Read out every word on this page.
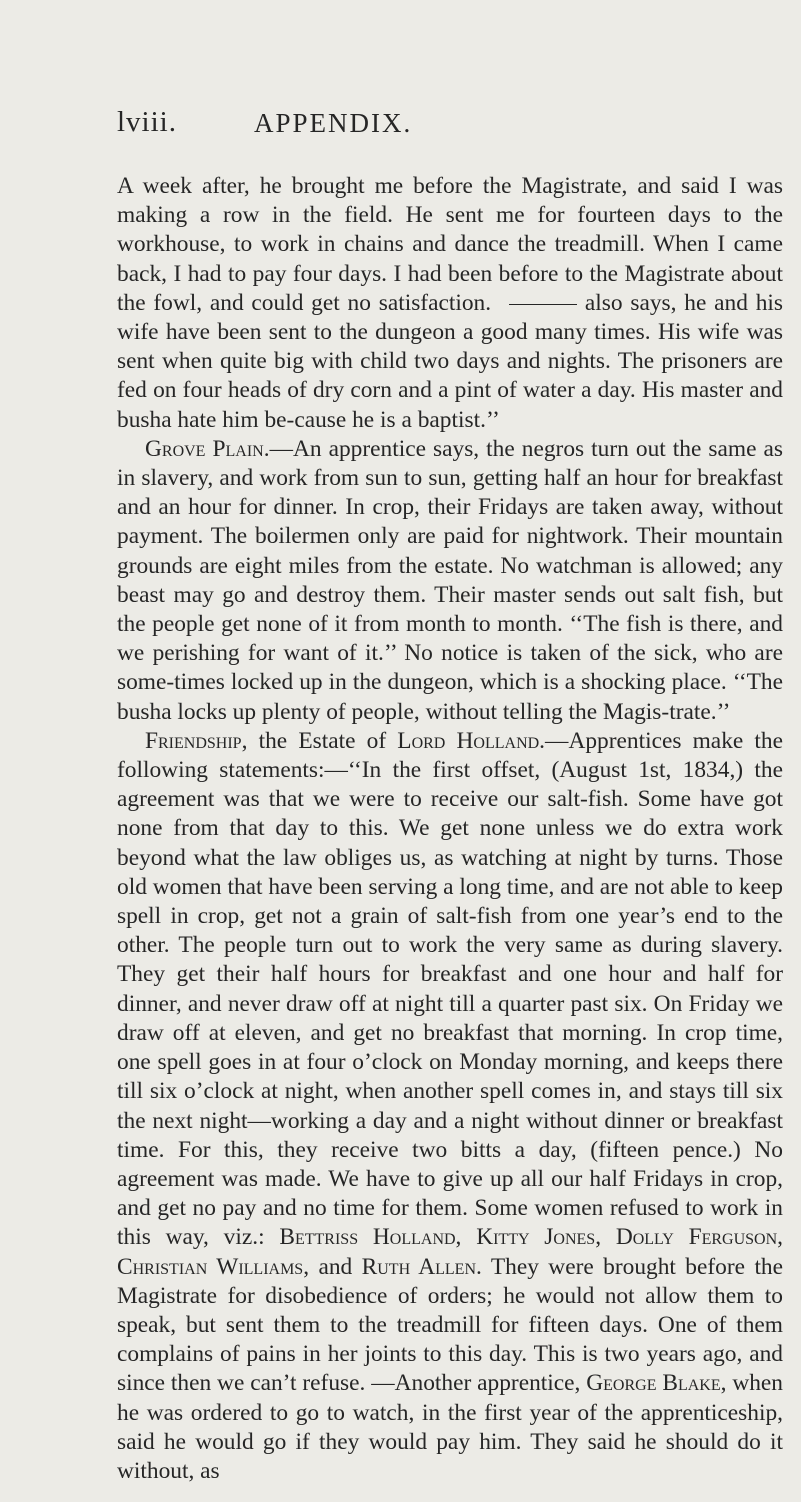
lviii.	APPENDIX.

A week after, he brought me before the Magistrate, and said I was making a row in the field. He sent me for fourteen days to the workhouse, to work in chains and dance the treadmill. When I came back, I had to pay four days. I had been before to the Magistrate about the fowl, and could get no satisfaction.	also says, he and his wife have been sent to the dungeon a good many times. His wife was sent when quite big with child two days and nights. The prisoners are fed on four heads of dry corn and a pint of water a day. His master and busha hate him be-cause he is a baptist.’’

Grove Plain.—An apprentice says, the negros turn out the same as in slavery, and work from sun to sun, getting half an hour for breakfast and an hour for dinner. In crop, their Fridays are taken away, without payment. The boilermen only are paid for nightwork. Their mountain grounds are eight miles from the estate. No watchman is allowed; any beast may go and destroy them. Their master sends out salt fish, but the people get none of it from month to month. ‘‘The fish is there, and we perishing for want of it.’’ No notice is taken of the sick, who are some-times locked up in the dungeon, which is a shocking place. ‘‘The busha locks up plenty of people, without telling the Magis-trate.’’

Friendship, the Estate of Lord Holland.—Apprentices make the following statements:—‘‘In the first offset, (August 1st, 1834,) the agreement was that we were to receive our salt-fish. Some have got none from that day to this. We get none unless we do extra work beyond what the law obliges us, as watching at night by turns. Those old women that have been serving a long time, and are not able to keep spell in crop, get not a grain of salt-fish from one year’s end to the other. The people turn out to work the very same as during slavery. They get their half hours for breakfast and one hour and half for dinner, and never draw off at night till a quarter past six. On Friday we draw off at eleven, and get no breakfast that morning. In crop time, one spell goes in at four o’clock on Monday morning, and keeps there till six o’clock at night, when another spell comes in, and stays till six the next night—working a day and a night without dinner or breakfast time. For this, they receive two bitts a day, (fifteen pence.) No agreement was made. We have to give up all our half Fridays in crop, and get no pay and no time for them. Some women refused to work in this way, viz.: Bettriss Holland, Kitty Jones, Dolly Ferguson, Christian Williams, and Ruth Allen. They were brought before the Magistrate for disobedience of orders; he would not allow them to speak, but sent them to the treadmill for fifteen days. One of them complains of pains in her joints to this day. This is two years ago, and since then we can’t refuse. —Another apprentice, George Blake, when he was ordered to go to watch, in the first year of the apprenticeship, said he would go if they would pay him. They said he should do it without, as
